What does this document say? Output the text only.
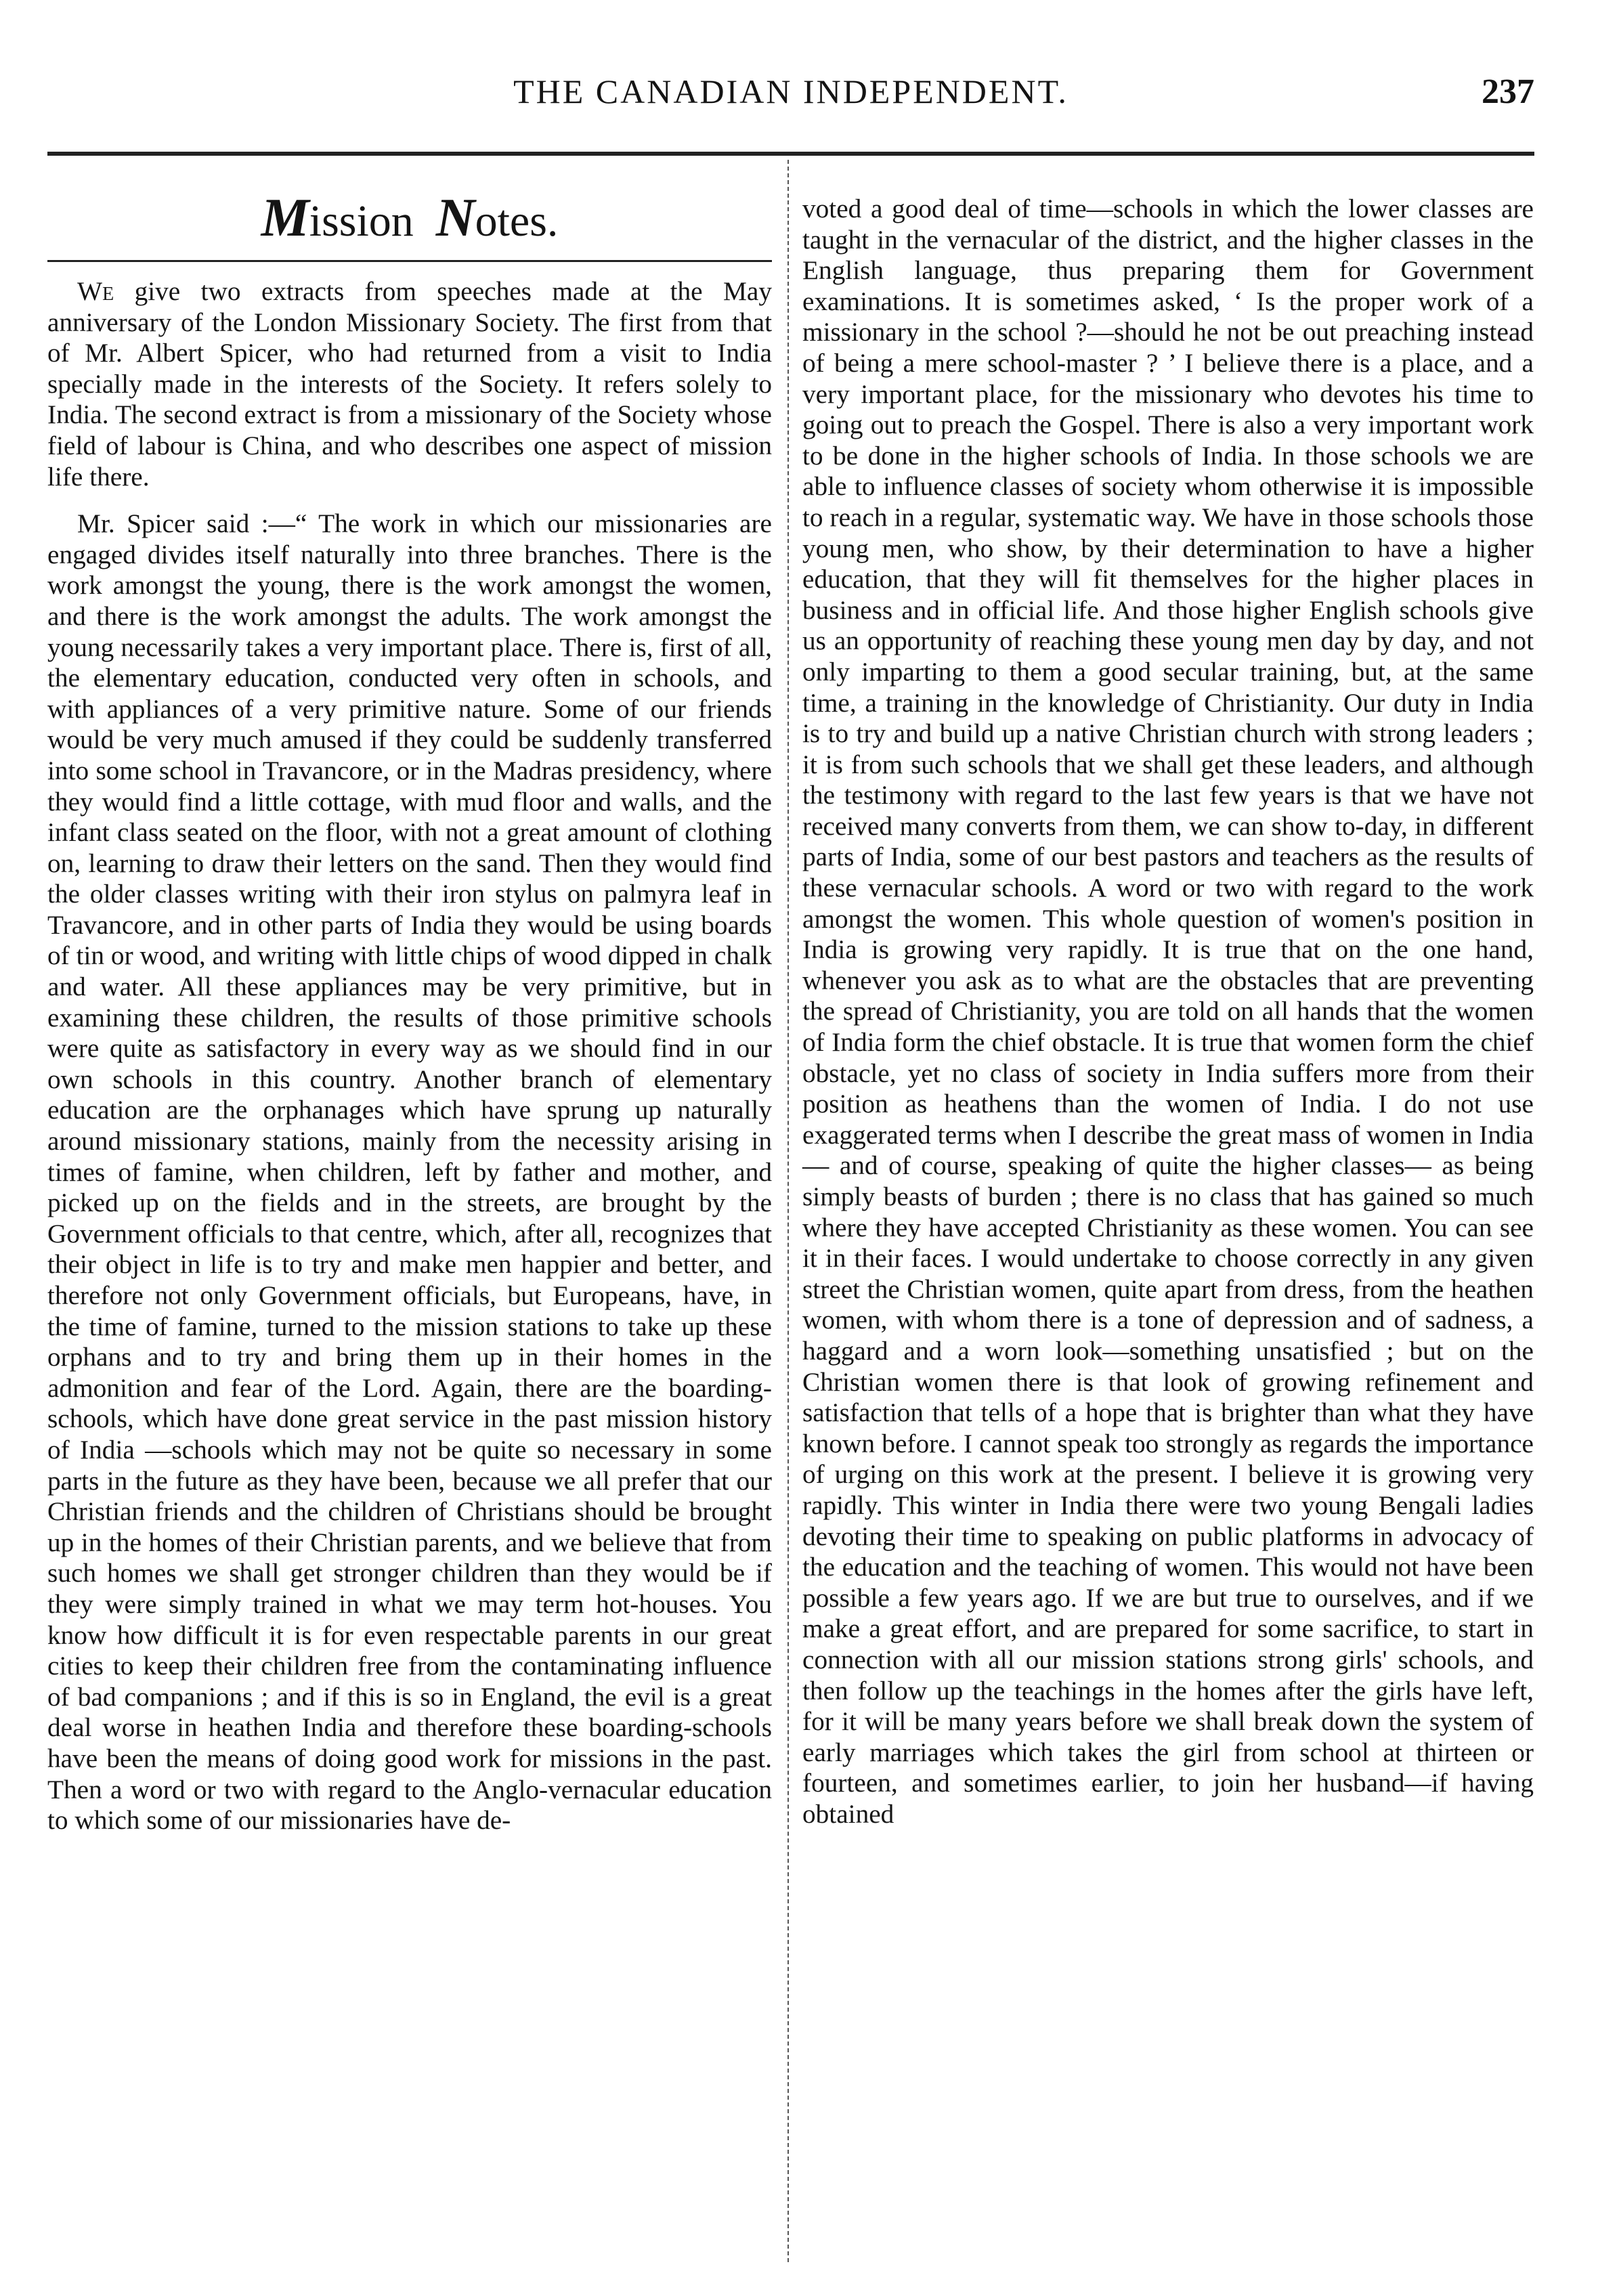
THE CANADIAN INDEPENDENT.	237
Mission Notes.

We give two extracts from speeches made at the May anniversary of the London Missionary Society. The first from that of Mr. Albert Spicer, who had returned from a visit to India specially made in the interests of the Society. It refers solely to India. The second extract is from a missionary of the Society whose field of labour is China, and who describes one aspect of mission life there.

Mr. Spicer said :—“ The work in which our missionaries are engaged divides itself naturally into three branches. There is the work amongst the young, there is the work amongst the women, and there is the work amongst the adults. The work amongst the young necessarily takes a very important place. There is, first of all, the elementary education, conducted very often in schools, and with appliances of a very primitive nature. Some of our friends would be very much amused if they could be suddenly transferred into some school in Travancore, or in the Madras presidency, where they would find a little cottage, with mud floor and walls, and the infant class seated on the floor, with not a great amount of clothing on, learning to draw their letters on the sand. Then they would find the older classes writing with their iron stylus on palmyra leaf in Travancore, and in other parts of India they would be using boards of tin or wood, and writing with little chips of wood dipped in chalk and water. All these appliances may be very primitive, but in examining these children, the results of those primitive schools were quite as satisfactory in every way as we should find in our own schools in this country. Another branch of elementary education are the orphanages which have sprung up naturally around missionary stations, mainly from the necessity arising in times of famine, when children, left by father and mother, and picked up on the fields and in the streets, are brought by the Government officials to that centre, which, after all, recognizes that their object in life is to try and make men happier and better, and therefore not only Government officials, but Europeans, have, in the time of famine, turned to the mission stations to take up these orphans and to try and bring them up in their homes in the admonition and fear of the Lord. Again, there are the boarding-schools, which have done great service in the past mission history of India —schools which may not be quite so necessary in some parts in the future as they have been, because we all prefer that our Christian friends and the children of Christians should be brought up in the homes of their Christian parents, and we believe that from such homes we shall get stronger children than they would be if they were simply trained in what we may term hot-houses. You know how difficult it is for even respectable parents in our great cities to keep their children free from the contaminating influence of bad companions ; and if this is so in England, the evil is a great deal worse in heathen India and therefore these boarding-schools have been the means of doing good work for missions in the past. Then a word or two with regard to the Anglo-vernacular education to which some of our missionaries have de-

voted a good deal of time—schools in which the lower classes are taught in the vernacular of the district, and the higher classes in the English language, thus preparing them for Government examinations. It is sometimes asked, ‘ Is the proper work of a missionary in the school ?—should he not be out preaching instead of being a mere school-master ? ’ I believe there is a place, and a very important place, for the missionary who devotes his time to going out to preach the Gospel. There is also a very important work to be done in the higher schools of India. In those schools we are able to influence classes of society whom otherwise it is impossible to reach in a regular, systematic way. We have in those schools those young men, who show, by their determination to have a higher education, that they will fit themselves for the higher places in business and in official life. And those higher English schools give us an opportunity of reaching these young men day by day, and not only imparting to them a good secular training, but, at the same time, a training in the knowledge of Christianity. Our duty in India is to try and build up a native Christian church with strong leaders ; it is from such schools that we shall get these leaders, and although the testimony with regard to the last few years is that we have not received many converts from them, we can show to-day, in different parts of India, some of our best pastors and teachers as the results of these vernacular schools. A word or two with regard to the work amongst the women. This whole question of women's position in India is growing very rapidly. It is true that on the one hand, whenever you ask as to what are the obstacles that are preventing the spread of Christianity, you are told on all hands that the women of India form the chief obstacle. It is true that women form the chief obstacle, yet no class of society in India suffers more from their position as heathens than the women of India. I do not use exaggerated terms when I describe the great mass of women in India— and of course, speaking of quite the higher classes— as being simply beasts of burden ; there is no class that has gained so much where they have accepted Christianity as these women. You can see it in their faces. I would undertake to choose correctly in any given street the Christian women, quite apart from dress, from the heathen women, with whom there is a tone of depression and of sadness, a haggard and a worn look—something unsatisfied ; but on the Christian women there is that look of growing refinement and satisfaction that tells of a hope that is brighter than what they have known before. I cannot speak too strongly as regards the importance of urging on this work at the present. I believe it is growing very rapidly. This winter in India there were two young Bengali ladies devoting their time to speaking on public platforms in advocacy of the education and the teaching of women. This would not have been possible a few years ago. If we are but true to ourselves, and if we make a great effort, and are prepared for some sacrifice, to start in connection with all our mission stations strong girls' schools, and then follow up the teachings in the homes after the girls have left, for it will be many years before we shall break down the system of early marriages which takes the girl from school at thirteen or fourteen, and sometimes earlier, to join her husband—if having obtained
